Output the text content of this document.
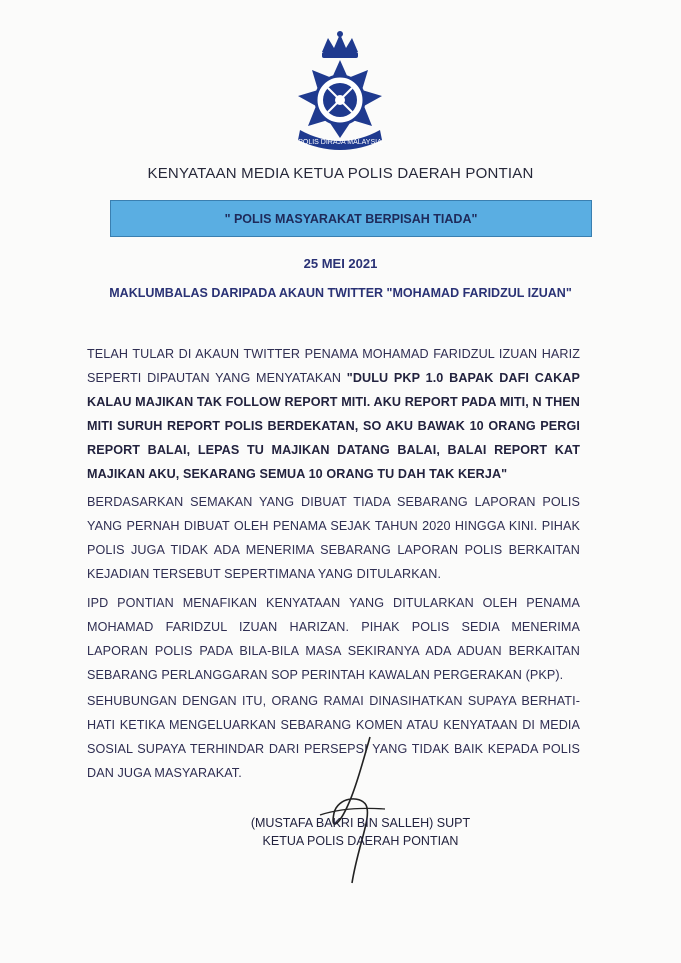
POLIS DIRAJA MALAYSIA
KENYATAAN MEDIA KETUA POLIS DAERAH PONTIAN
" POLIS MASYARAKAT BERPISAH TIADA"
25 MEI 2021
MAKLUMBALAS DARIPADA AKAUN TWITTER "MOHAMAD FARIDZUL IZUAN"
TELAH TULAR DI AKAUN TWITTER PENAMA MOHAMAD FARIDZUL IZUAN HARIZ SEPERTI DIPAUTAN YANG MENYATAKAN "DULU PKP 1.0 BAPAK DAFI CAKAP KALAU MAJIKAN TAK FOLLOW REPORT MITI. AKU REPORT PADA MITI, N THEN MITI SURUH REPORT POLIS BERDEKATAN, SO AKU BAWAK 10 ORANG PERGI REPORT BALAI, LEPAS TU MAJIKAN DATANG BALAI, BALAI REPORT KAT MAJIKAN AKU, SEKARANG SEMUA 10 ORANG TU DAH TAK KERJA"
BERDASARKAN SEMAKAN YANG DIBUAT TIADA SEBARANG LAPORAN POLIS YANG PERNAH DIBUAT OLEH PENAMA SEJAK TAHUN 2020 HINGGA KINI. PIHAK POLIS JUGA TIDAK ADA MENERIMA SEBARANG LAPORAN POLIS BERKAITAN KEJADIAN TERSEBUT SEPERTIMANA YANG DITULARKAN.
IPD PONTIAN MENAFIKAN KENYATAAN YANG DITULARKAN OLEH PENAMA MOHAMAD FARIDZUL IZUAN HARIZAN. PIHAK POLIS SEDIA MENERIMA LAPORAN POLIS PADA BILA-BILA MASA SEKIRANYA ADA ADUAN BERKAITAN SEBARANG PERLANGGARAN SOP PERINTAH KAWALAN PERGERAKAN (PKP).
SEHUBUNGAN DENGAN ITU, ORANG RAMAI DINASIHATKAN SUPAYA BERHATI-HATI KETIKA MENGELUARKAN SEBARANG KOMEN ATAU KENYATAAN DI MEDIA SOSIAL SUPAYA TERHINDAR DARI PERSEPSI YANG TIDAK BAIK KEPADA POLIS DAN JUGA MASYARAKAT.
(MUSTAFA BAKRI BIN SALLEH) SUPT
KETUA POLIS DAERAH PONTIAN
